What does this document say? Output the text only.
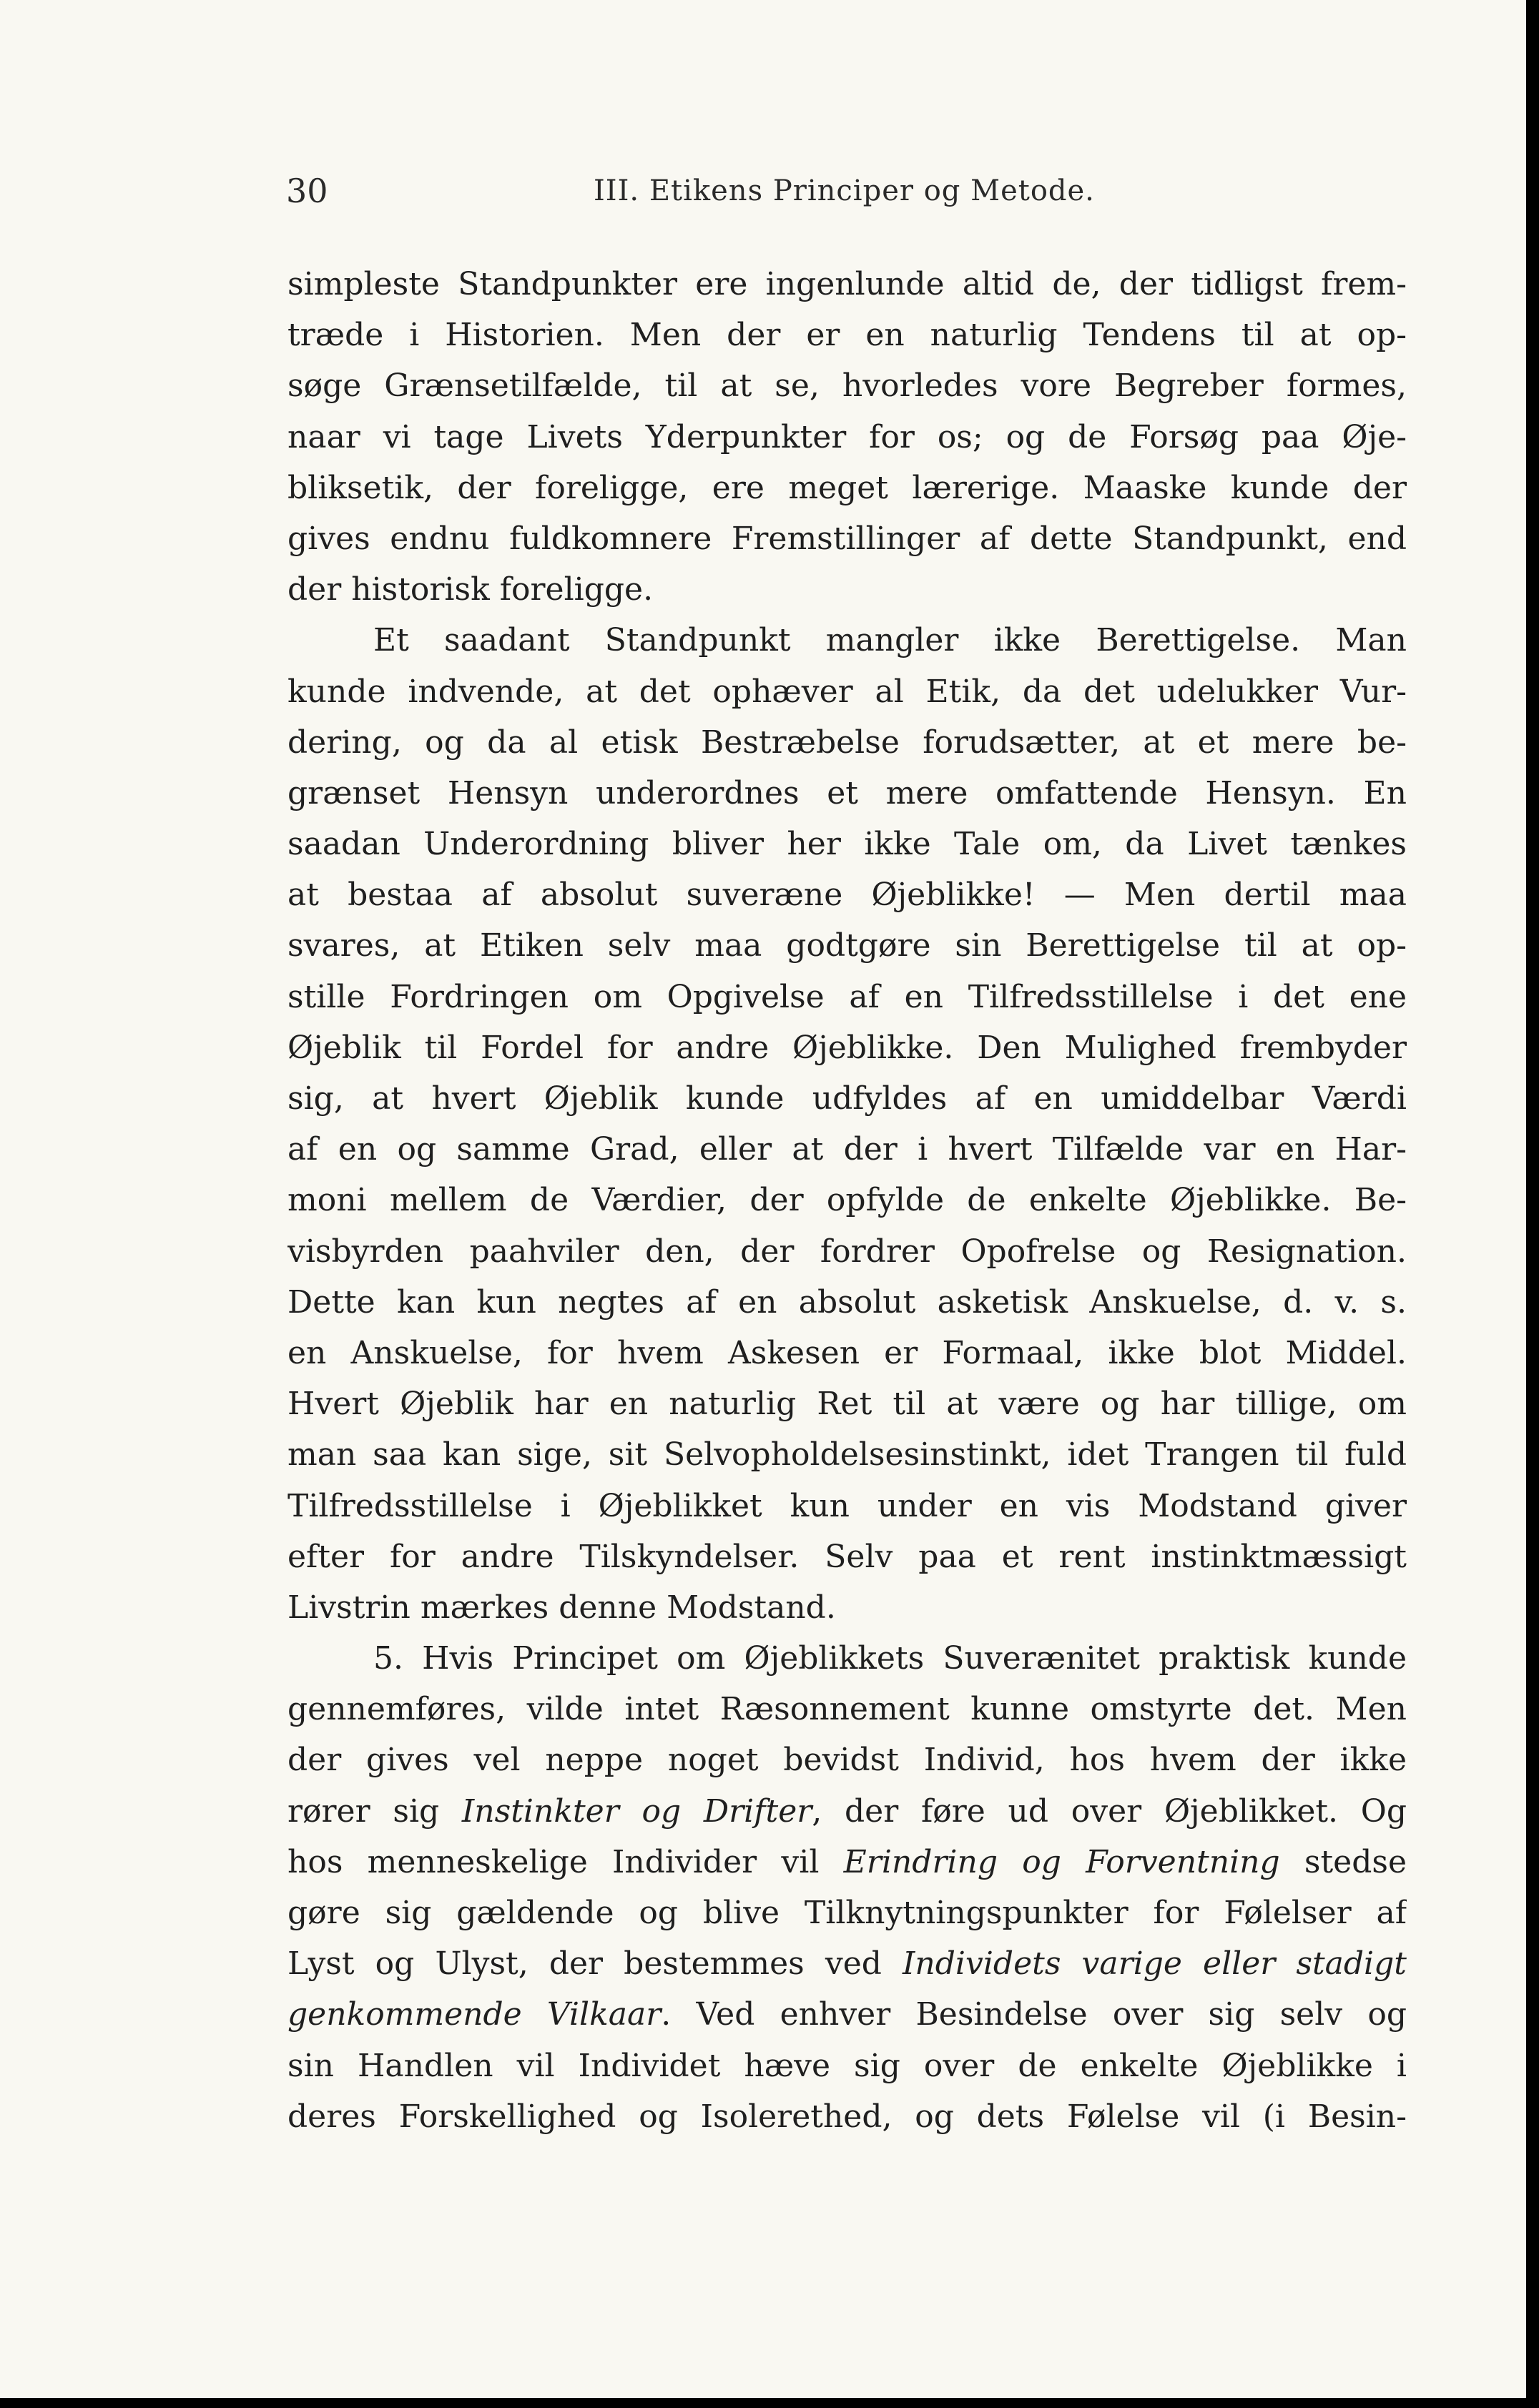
30	III. Etikens Principer og Metode.
simpleste Standpunkter ere ingenlunde altid de, der tidligst frem-
træde i Historien. Men der er en naturlig Tendens til at op-
søge Grænsetilfælde, til at se, hvorledes vore Begreber formes,
naar vi tage Livets Yderpunkter for os; og de Forsøg paa Øje-
bliksetik, der foreligge, ere meget lærerige. Maaske kunde der
gives endnu fuldkomnere Fremstillinger af dette Standpunkt, end
der historisk foreligge.
Et saadant Standpunkt mangler ikke Berettigelse. Man
kunde indvende, at det ophæver al Etik, da det udelukker Vur-
dering, og da al etisk Bestræbelse forudsætter, at et mere be-
grænset Hensyn underordnes et mere omfattende Hensyn. En
saadan Underordning bliver her ikke Tale om, da Livet tænkes
at bestaa af absolut suveræne Øjeblikke! — Men dertil maa
svares, at Etiken selv maa godtgøre sin Berettigelse til at op-
stille Fordringen om Opgivelse af en Tilfredsstillelse i det ene
Øjeblik til Fordel for andre Øjeblikke. Den Mulighed frembyder
sig, at hvert Øjeblik kunde udfyldes af en umiddelbar Værdi
af en og samme Grad, eller at der i hvert Tilfælde var en Har-
moni mellem de Værdier, der opfylde de enkelte Øjeblikke. Be-
visbyrden paahviler den, der fordrer Opofrelse og Resignation.
Dette kan kun negtes af en absolut asketisk Anskuelse, d. v. s.
en Anskuelse, for hvem Askesen er Formaal, ikke blot Middel.
Hvert Øjeblik har en naturlig Ret til at være og har tillige, om
man saa kan sige, sit Selvopholdelsesinstinkt, idet Trangen til fuld
Tilfredsstillelse i Øjeblikket kun under en vis Modstand giver
efter for andre Tilskyndelser. Selv paa et rent instinktmæssigt
Livstrin mærkes denne Modstand.
5. Hvis Principet om Øjeblikkets Suverænitet praktisk kunde
gennemføres, vilde intet Ræsonnement kunne omstyrte det. Men
der gives vel neppe noget bevidst Individ, hos hvem der ikke
rører sig Instinkter og Drifter, der føre ud over Øjeblikket. Og
hos menneskelige Individer vil Erindring og Forventning stedse
gøre sig gældende og blive Tilknytningspunkter for Følelser af
Lyst og Ulyst, der bestemmes ved Individets varige eller stadigt
genkommende Vilkaar. Ved enhver Besindelse over sig selv og
sin Handlen vil Individet hæve sig over de enkelte Øjeblikke i
deres Forskellighed og Isolerethed, og dets Følelse vil (i Besin-
